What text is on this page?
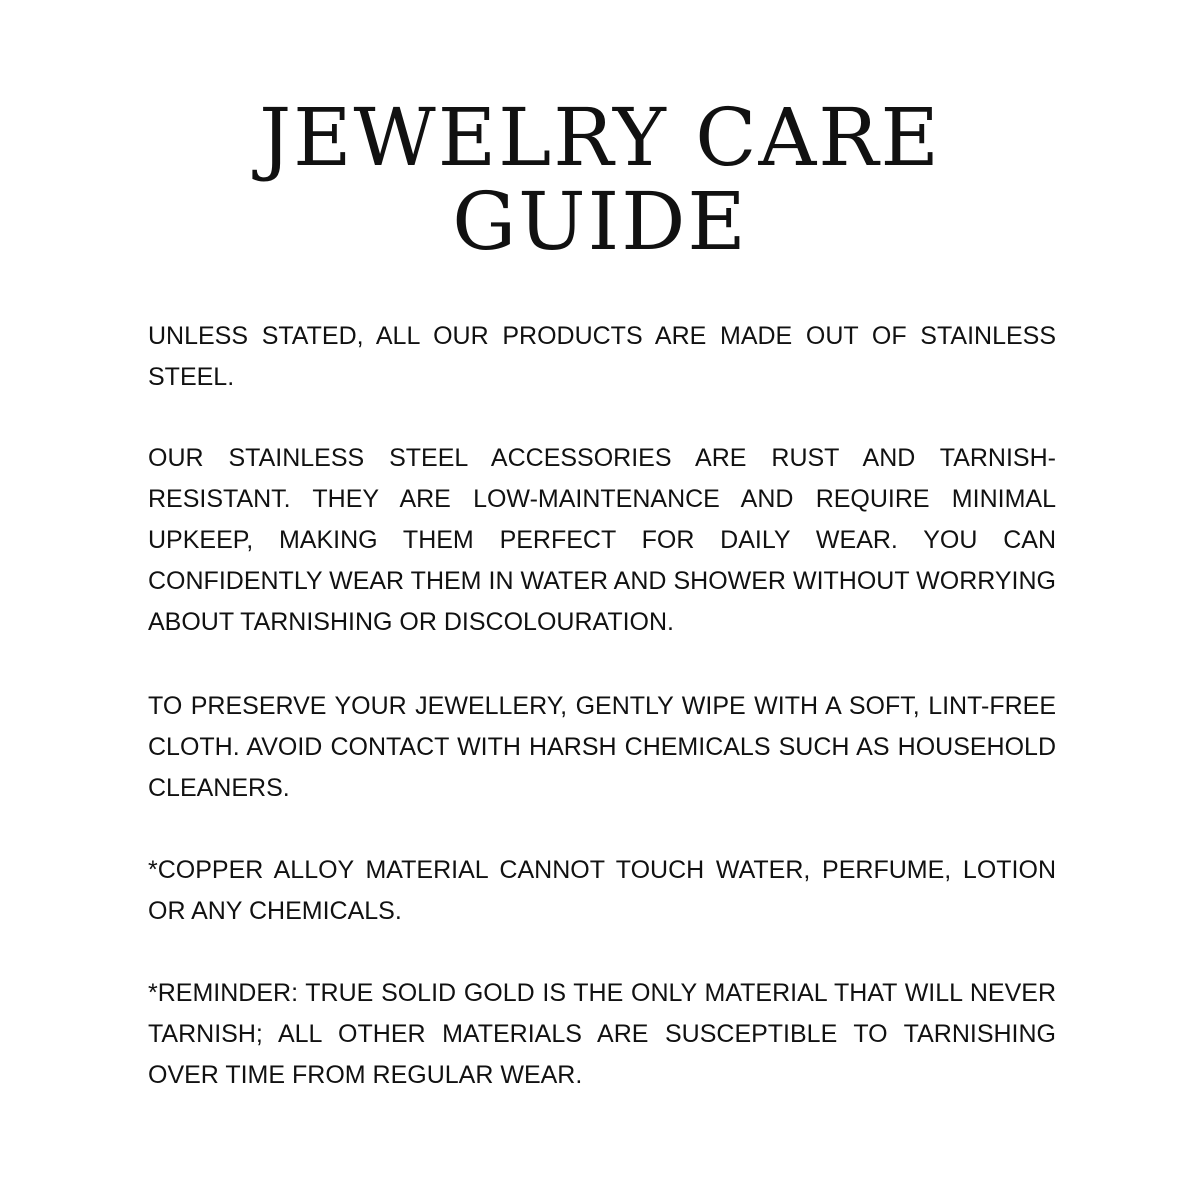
JEWELRY CARE
GUIDE

UNLESS STATED, ALL OUR PRODUCTS ARE MADE OUT OF STAINLESS STEEL.

OUR STAINLESS STEEL ACCESSORIES ARE RUST AND TARNISH-RESISTANT. THEY ARE LOW-MAINTENANCE AND REQUIRE MINIMAL UPKEEP, MAKING THEM PERFECT FOR DAILY WEAR. YOU CAN CONFIDENTLY WEAR THEM IN WATER AND SHOWER WITHOUT WORRYING ABOUT TARNISHING OR DISCOLOURATION.

TO PRESERVE YOUR JEWELLERY, GENTLY WIPE WITH A SOFT, LINT-FREE CLOTH. AVOID CONTACT WITH HARSH CHEMICALS SUCH AS HOUSEHOLD CLEANERS.

*COPPER ALLOY MATERIAL CANNOT TOUCH WATER, PERFUME, LOTION OR ANY CHEMICALS.

*REMINDER: TRUE SOLID GOLD IS THE ONLY MATERIAL THAT WILL NEVER TARNISH; ALL OTHER MATERIALS ARE SUSCEPTIBLE TO TARNISHING OVER TIME FROM REGULAR WEAR.
